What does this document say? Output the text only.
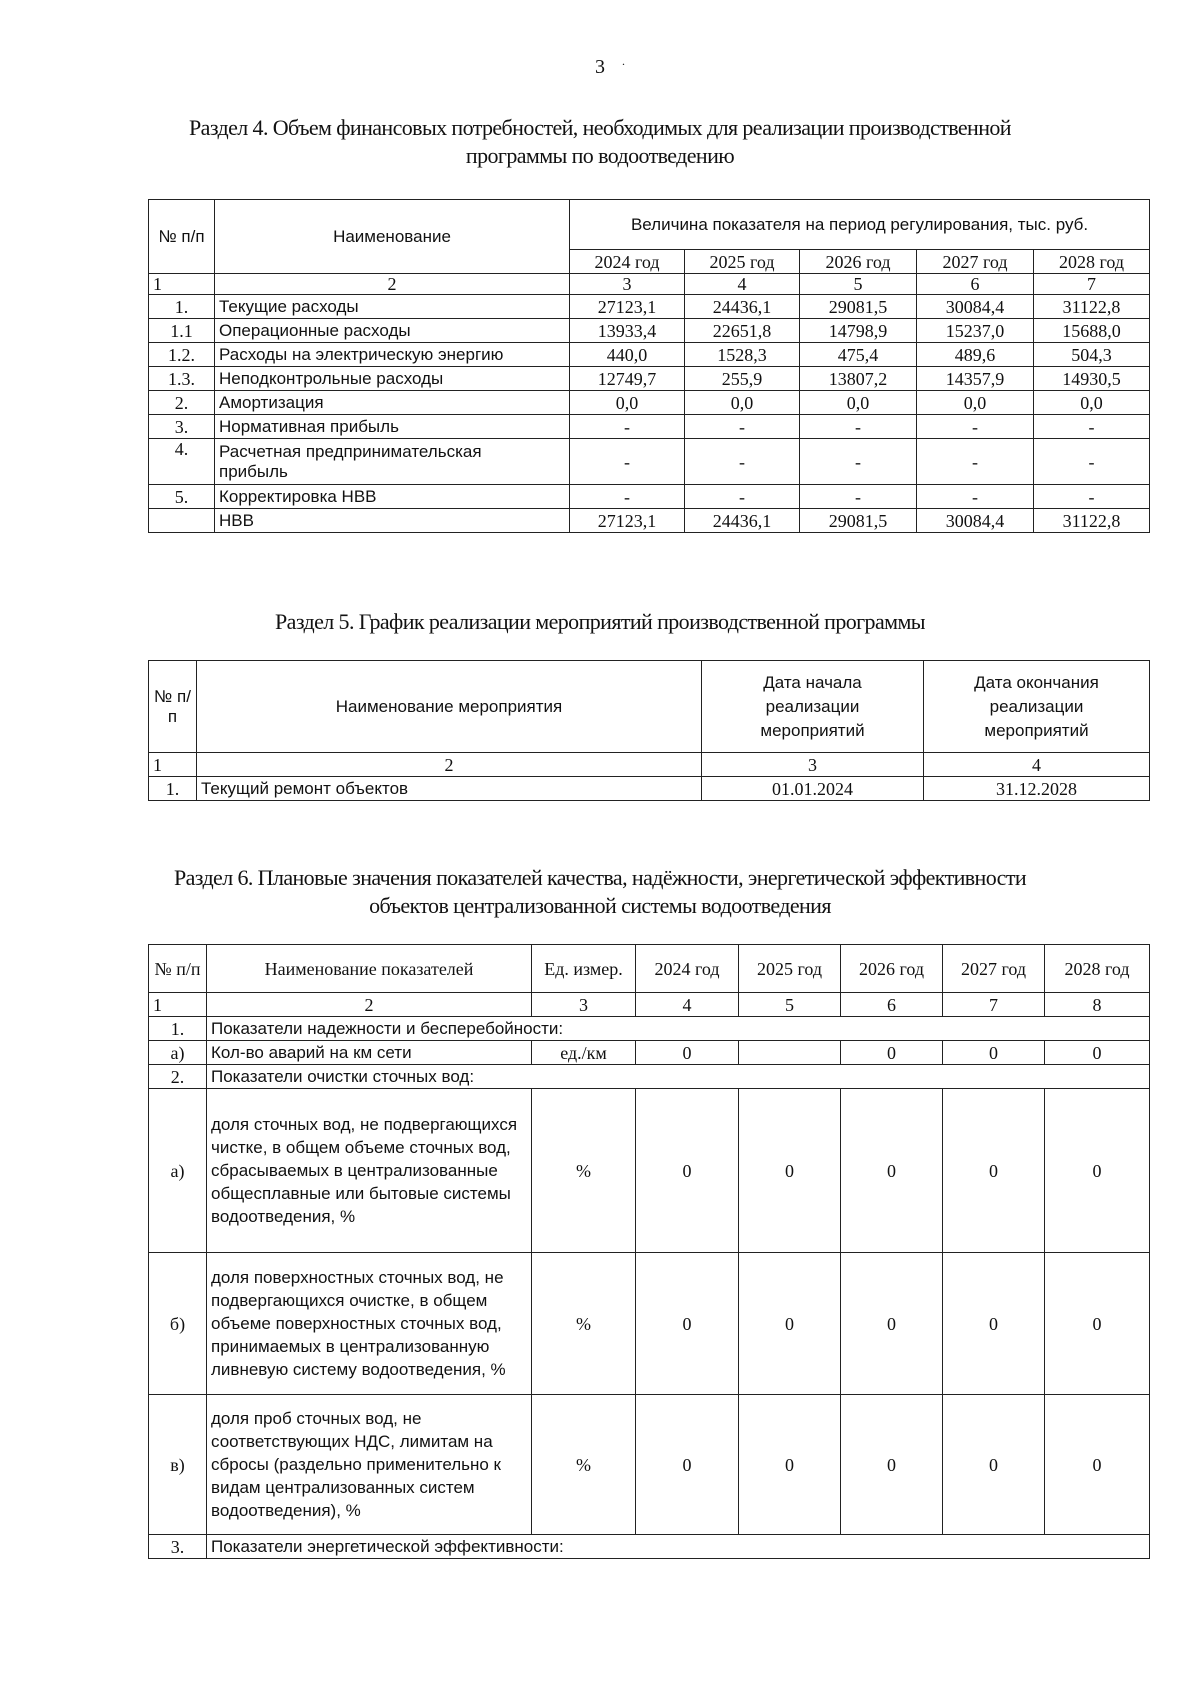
.
3
Раздел 4. Объем финансовых потребностей, необходимых для реализации производственной
программы по водоотведению
№ п/п	Наименование	Величина показателя на период регулирования, тыс. руб.				
		2024 год	2025 год	2026 год	2027 год	2028 год
1	2	3	4	5	6	7
1.	Текущие расходы	27123,1	24436,1	29081,5	30084,4	31122,8
1.1	Операционные расходы	13933,4	22651,8	14798,9	15237,0	15688,0
1.2.	Расходы на электрическую энергию	440,0	1528,3	475,4	489,6	504,3
1.3.	Неподконтрольные расходы	12749,7	255,9	13807,2	14357,9	14930,5
2.	Амортизация	0,0	0,0	0,0	0,0	0,0
3.	Нормативная прибыль	-	-	-	-	-
4.	Расчетная предпринимательская прибыль	-	-	-	-	-
5.	Корректировка НВВ	-	-	-	-	-
	НВВ	27123,1	24436,1	29081,5	30084,4	31122,8
Раздел 5. График реализации мероприятий производственной программы
№ п/п	Наименование мероприятия	Дата начала реализации мероприятий	Дата окончания реализации мероприятий
1	2	3	4
1.	Текущий ремонт объектов	01.01.2024	31.12.2028
Раздел 6. Плановые значения показателей качества, надёжности, энергетической эффективности
объектов централизованной системы водоотведения
№ п/п	Наименование показателей	Ед. измер.	2024 год	2025 год	2026 год	2027 год	2028 год
1	2	3	4	5	6	7	8
1.	Показатели надежности и бесперебойности:						
а)	Кол-во аварий на км сети	ед./км	0		0	0	0
2.	Показатели очистки сточных вод:						
а)	доля сточных вод, не подвергающихся чистке, в общем объеме сточных вод, сбрасываемых в централизованные общесплавные или бытовые системы водоотведения, %	%	0	0	0	0	0
б)	доля поверхностных сточных вод, не подвергающихся очистке, в общем объеме поверхностных сточных вод, принимаемых в централизованную ливневую систему водоотведения, %	%	0	0	0	0	0
в)	доля проб сточных вод, не соответствующих НДС, лимитам на сбросы (раздельно применительно к видам централизованных систем водоотведения), %	%	0	0	0	0	0
3.	Показатели энергетической эффективности:						
